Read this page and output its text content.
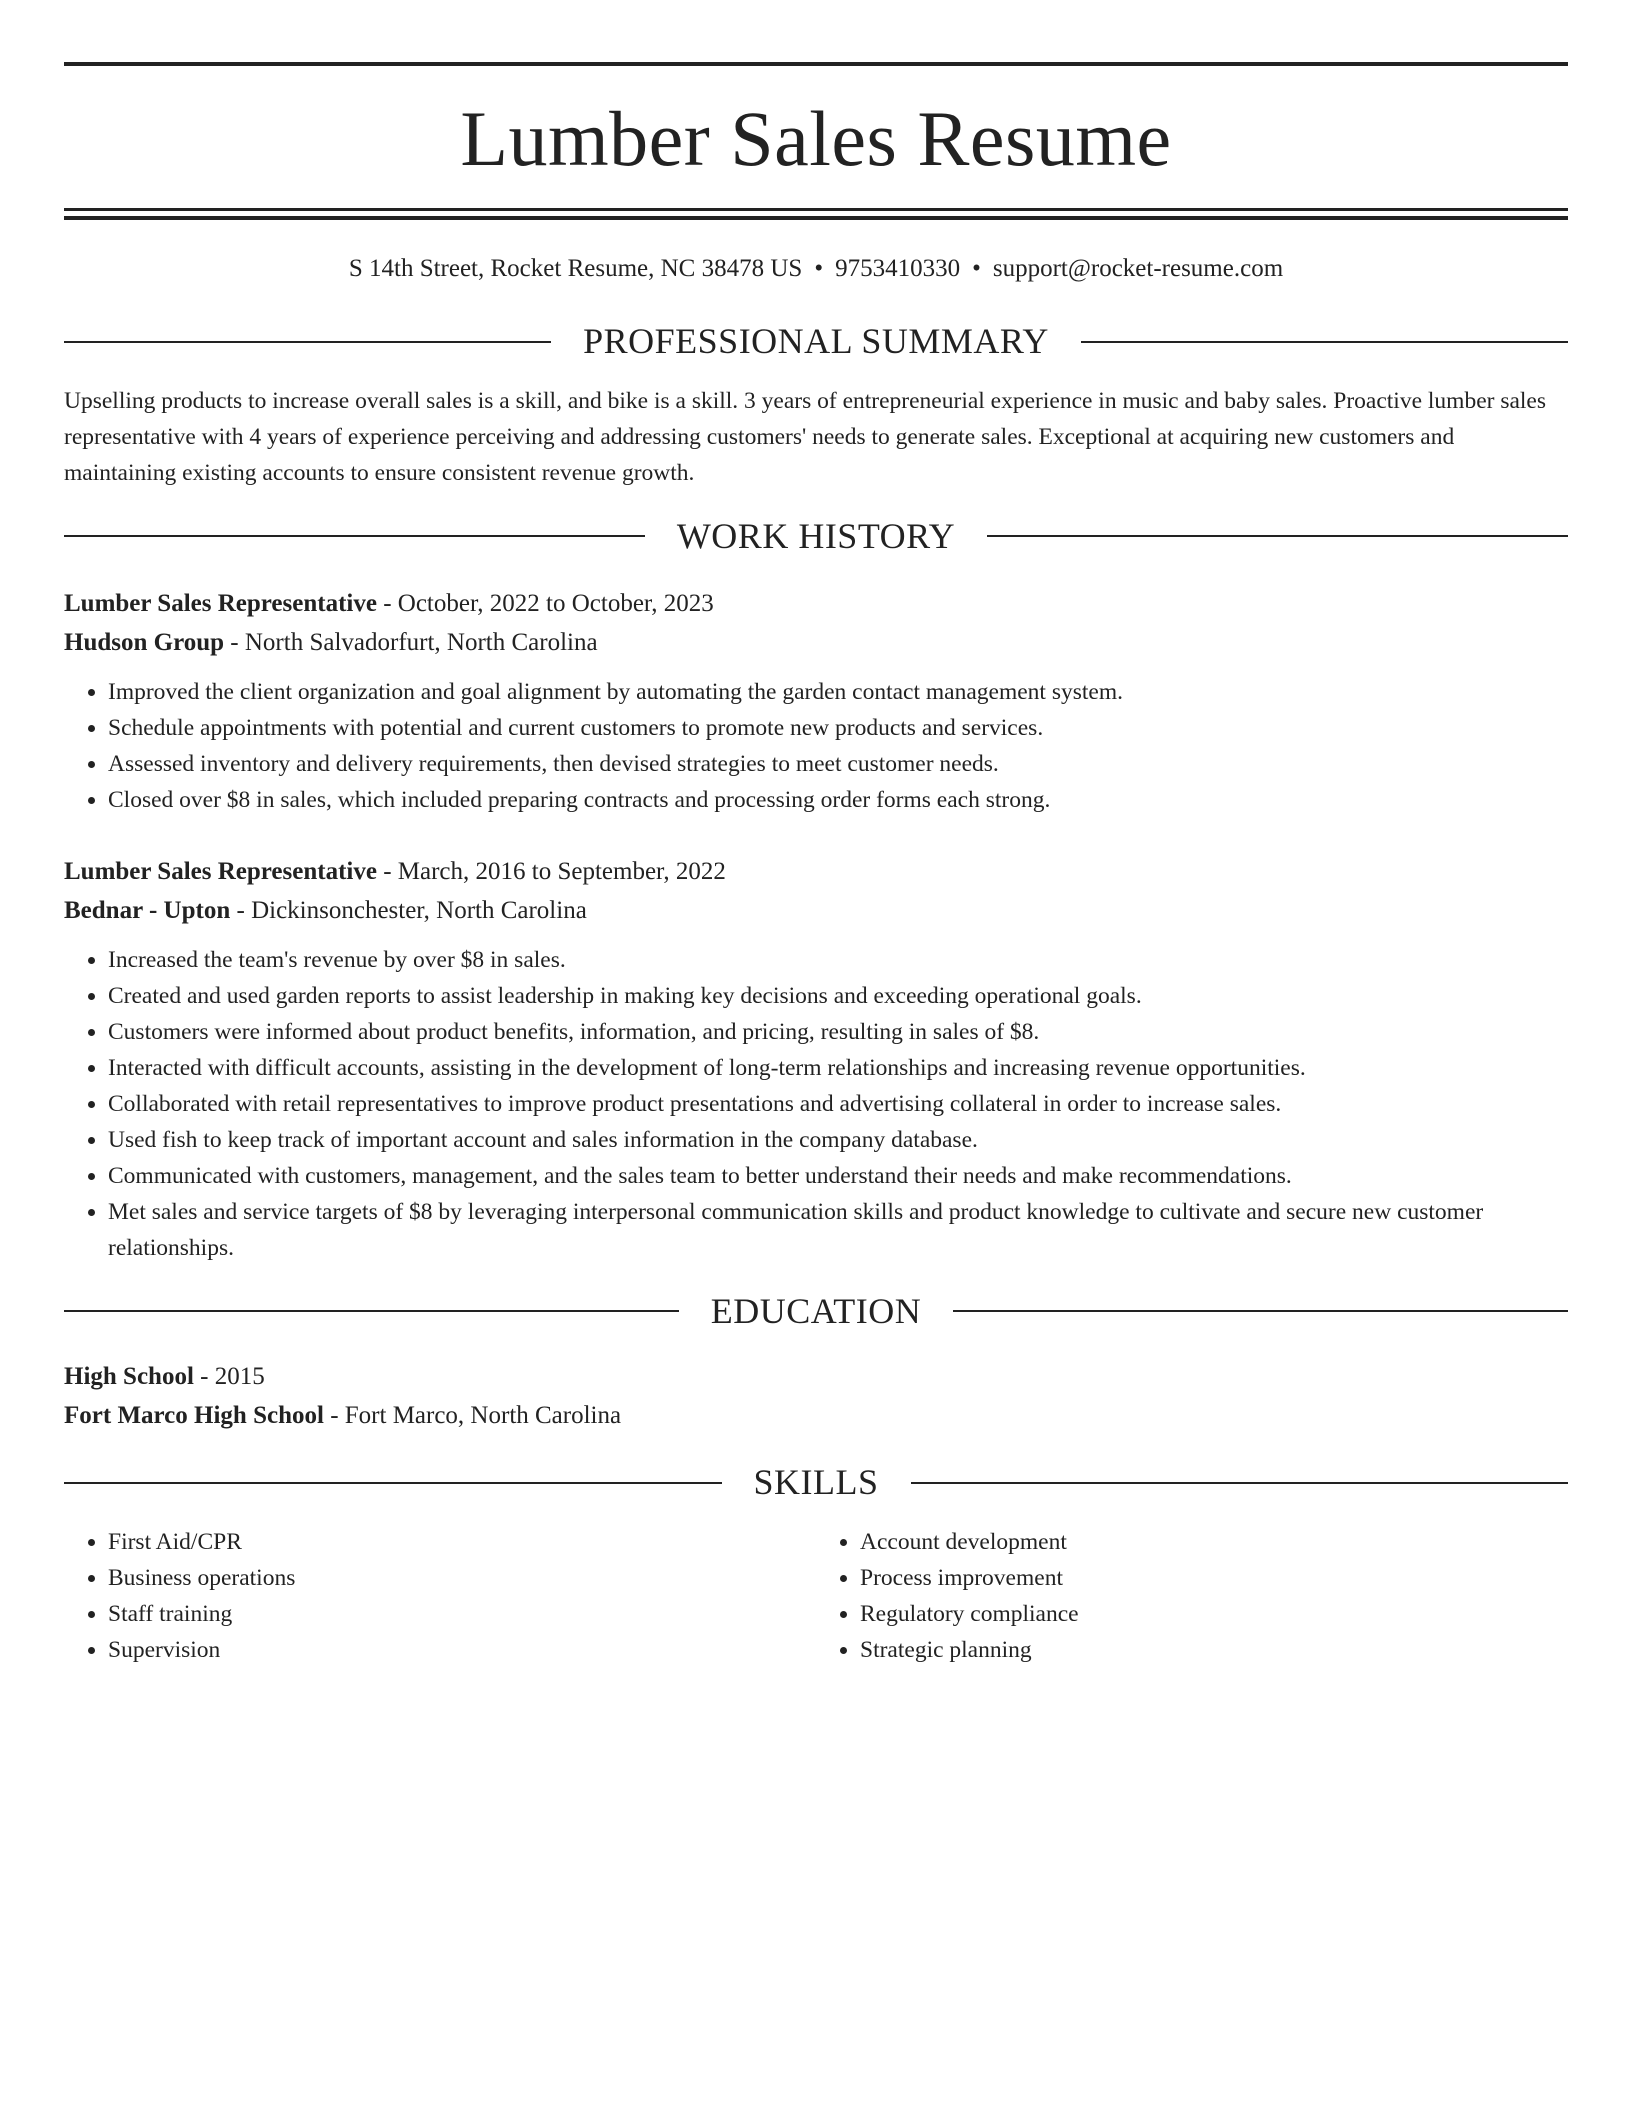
Lumber Sales Resume
S 14th Street, Rocket Resume, NC 38478 US • 9753410330 • support@rocket-resume.com
PROFESSIONAL SUMMARY

Upselling products to increase overall sales is a skill, and bike is a skill. 3 years of entrepreneurial experience in music and baby sales. Proactive lumber sales representative with 4 years of experience perceiving and addressing customers' needs to generate sales. Exceptional at acquiring new customers and maintaining existing accounts to ensure consistent revenue growth.

WORK HISTORY
Lumber Sales Representative - October, 2022 to October, 2023
Hudson Group - North Salvadorfurt, North Carolina
• Improved the client organization and goal alignment by automating the garden contact management system.
• Schedule appointments with potential and current customers to promote new products and services.
• Assessed inventory and delivery requirements, then devised strategies to meet customer needs.
• Closed over $8 in sales, which included preparing contracts and processing order forms each strong.
Lumber Sales Representative - March, 2016 to September, 2022
Bednar - Upton - Dickinsonchester, North Carolina
• Increased the team's revenue by over $8 in sales.
• Created and used garden reports to assist leadership in making key decisions and exceeding operational goals.
• Customers were informed about product benefits, information, and pricing, resulting in sales of $8.
• Interacted with difficult accounts, assisting in the development of long-term relationships and increasing revenue opportunities.
• Collaborated with retail representatives to improve product presentations and advertising collateral in order to increase sales.
• Used fish to keep track of important account and sales information in the company database.
• Communicated with customers, management, and the sales team to better understand their needs and make recommendations.
• Met sales and service targets of $8 by leveraging interpersonal communication skills and product knowledge to cultivate and secure new customer relationships.
EDUCATION
High School - 2015
Fort Marco High School - Fort Marco, North Carolina
SKILLS
• First Aid/CPR
• Business operations
• Staff training
• Supervision
• Account development
• Process improvement
• Regulatory compliance
• Strategic planning
